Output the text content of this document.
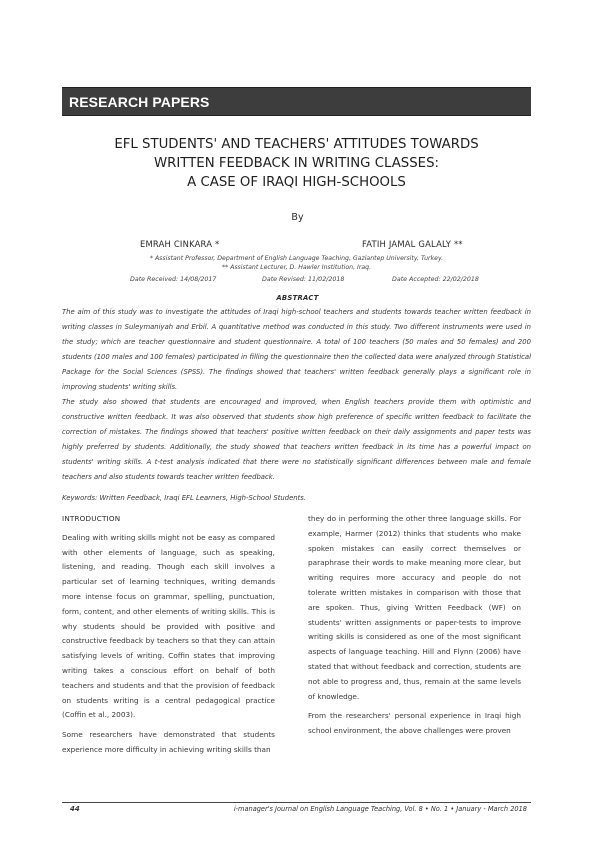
RESEARCH PAPERS
EFL STUDENTS' AND TEACHERS' ATTITUDES TOWARDS
WRITTEN FEEDBACK IN WRITING CLASSES:
A CASE OF IRAQI HIGH-SCHOOLS
By
EMRAH CINKARA *	FATIH JAMAL GALALY **
* Assistant Professor, Department of English Language Teaching, Gaziantep University, Turkey.
** Assistant Lecturer, D. Hawler Institution, Iraq.
Date Received: 14/08/2017	Date Revised: 11/02/2018	Date Accepted: 22/02/2018
ABSTRACT
The aim of this study was to investigate the attitudes of Iraqi high-school teachers and students towards teacher written feedback in writing classes in Suleymaniyah and Erbil. A quantitative method was conducted in this study. Two different instruments were used in the study; which are teacher questionnaire and student questionnaire. A total of 100 teachers (50 males and 50 females) and 200 students (100 males and 100 females) participated in filling the questionnaire then the collected data were analyzed through Statistical Package for the Social Sciences (SPSS). The findings showed that teachers' written feedback generally plays a significant role in improving students' writing skills.
The study also showed that students are encouraged and improved, when English teachers provide them with optimistic and constructive written feedback. It was also observed that students show high preference of specific written feedback to facilitate the correction of mistakes. The findings showed that teachers' positive written feedback on their daily assignments and paper tests was highly preferred by students. Additionally, the study showed that teachers written feedback in its time has a powerful impact on students' writing skills. A t-test analysis indicated that there were no statistically significant differences between male and female teachers and also students towards teacher written feedback.
Keywords: Written Feedback, Iraqi EFL Learners, High-School Students.
INTRODUCTION

Dealing with writing skills might not be easy as compared with other elements of language, such as speaking, listening, and reading. Though each skill involves a particular set of learning techniques, writing demands more intense focus on grammar, spelling, punctuation, form, content, and other elements of writing skills. This is why students should be provided with positive and constructive feedback by teachers so that they can attain satisfying levels of writing. Coffin states that improving writing takes a conscious effort on behalf of both teachers and students and that the provision of feedback on students writing is a central pedagogical practice (Coffin et al., 2003).

Some researchers have demonstrated that students experience more difficulty in achieving writing skills than

they do in performing the other three language skills. For example, Harmer (2012) thinks that students who make spoken mistakes can easily correct themselves or paraphrase their words to make meaning more clear, but writing requires more accuracy and people do not tolerate written mistakes in comparison with those that are spoken. Thus, giving Written Feedback (WF) on students' written assignments or paper-tests to improve writing skills is considered as one of the most significant aspects of language teaching. Hill and Flynn (2006) have stated that without feedback and correction, students are not able to progress and, thus, remain at the same levels of knowledge.

From the researchers' personal experience in Iraqi high school environment, the above challenges were proven

44	i-manager's Journal on English Language Teaching, Vol. 8 • No. 1 • January - March 2018
